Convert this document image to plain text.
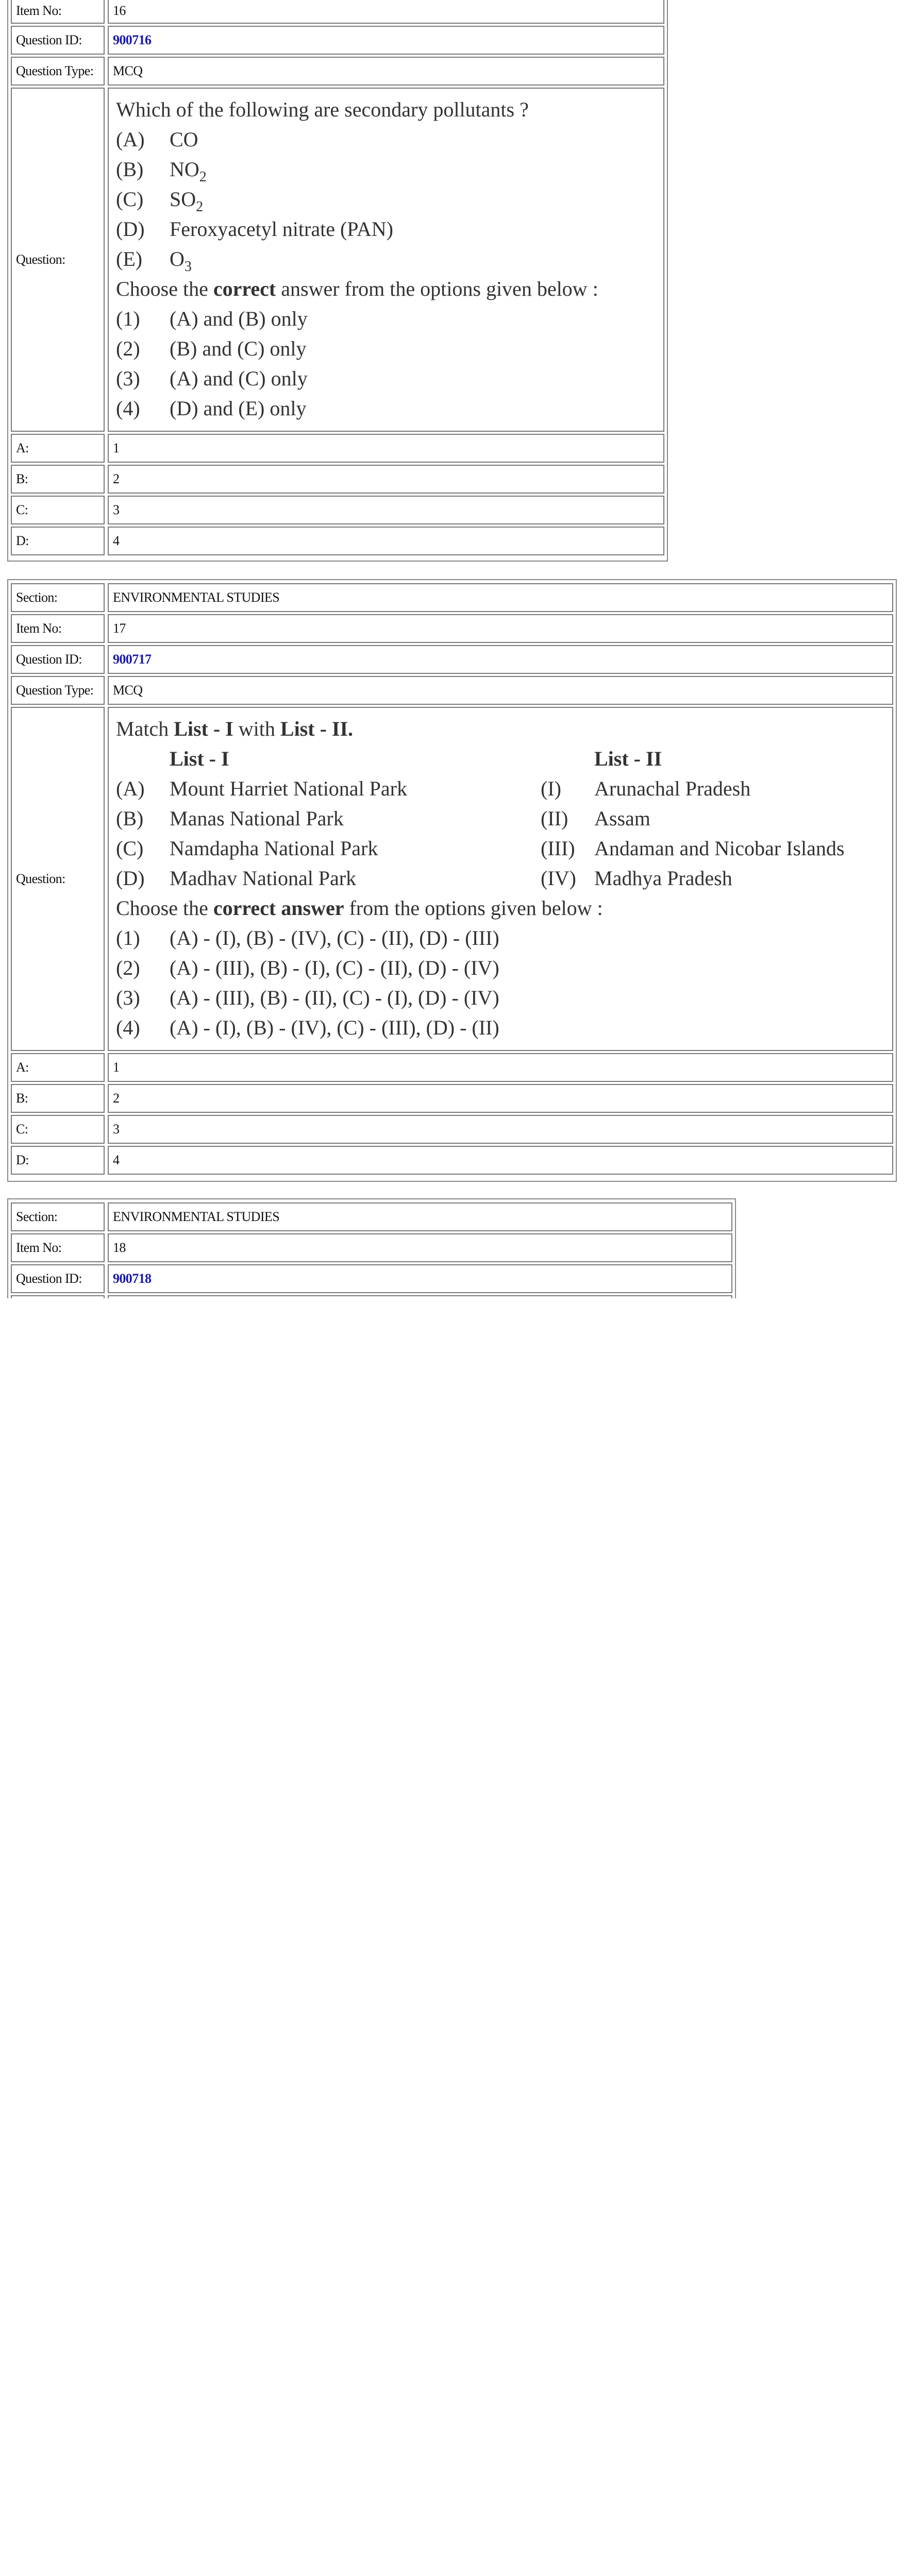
Item No:	16
Question ID:	900716
Question Type:	MCQ
Question:
Which of the following are secondary pollutants ?
(A) CO
(B) $NO_2$
(C) $SO_2$
(D) Feroxyacetyl nitrate (PAN)
(E) $O_3$
Choose the correct answer from the options given below :
(1) (A) and (B) only
(2) (B) and (C) only
(3) (A) and (C) only
(4) (D) and (E) only
A:	1
B:	2
C:	3
D:	4
Section:	ENVIRONMENTAL STUDIES
Item No:	17
Question ID:	900717
Question Type:	MCQ
Question:
Match List - I with List - II.
List - I	List - II
(A) Mount Harriet National Park	(I) Arunachal Pradesh
(B) Manas National Park	(II) Assam
(C) Namdapha National Park	(III) Andaman and Nicobar Islands
(D) Madhav National Park	(IV) Madhya Pradesh
Choose the correct answer from the options given below :
(1) (A) - (I), (B) - (IV), (C) - (II), (D) - (III)
(2) (A) - (III), (B) - (I), (C) - (II), (D) - (IV)
(3) (A) - (III), (B) - (II), (C) - (I), (D) - (IV)
(4) (A) - (I), (B) - (IV), (C) - (III), (D) - (II)
A:	1
B:	2
C:	3
D:	4
Section:	ENVIRONMENTAL STUDIES
Item No:	18
Question ID:	900718
